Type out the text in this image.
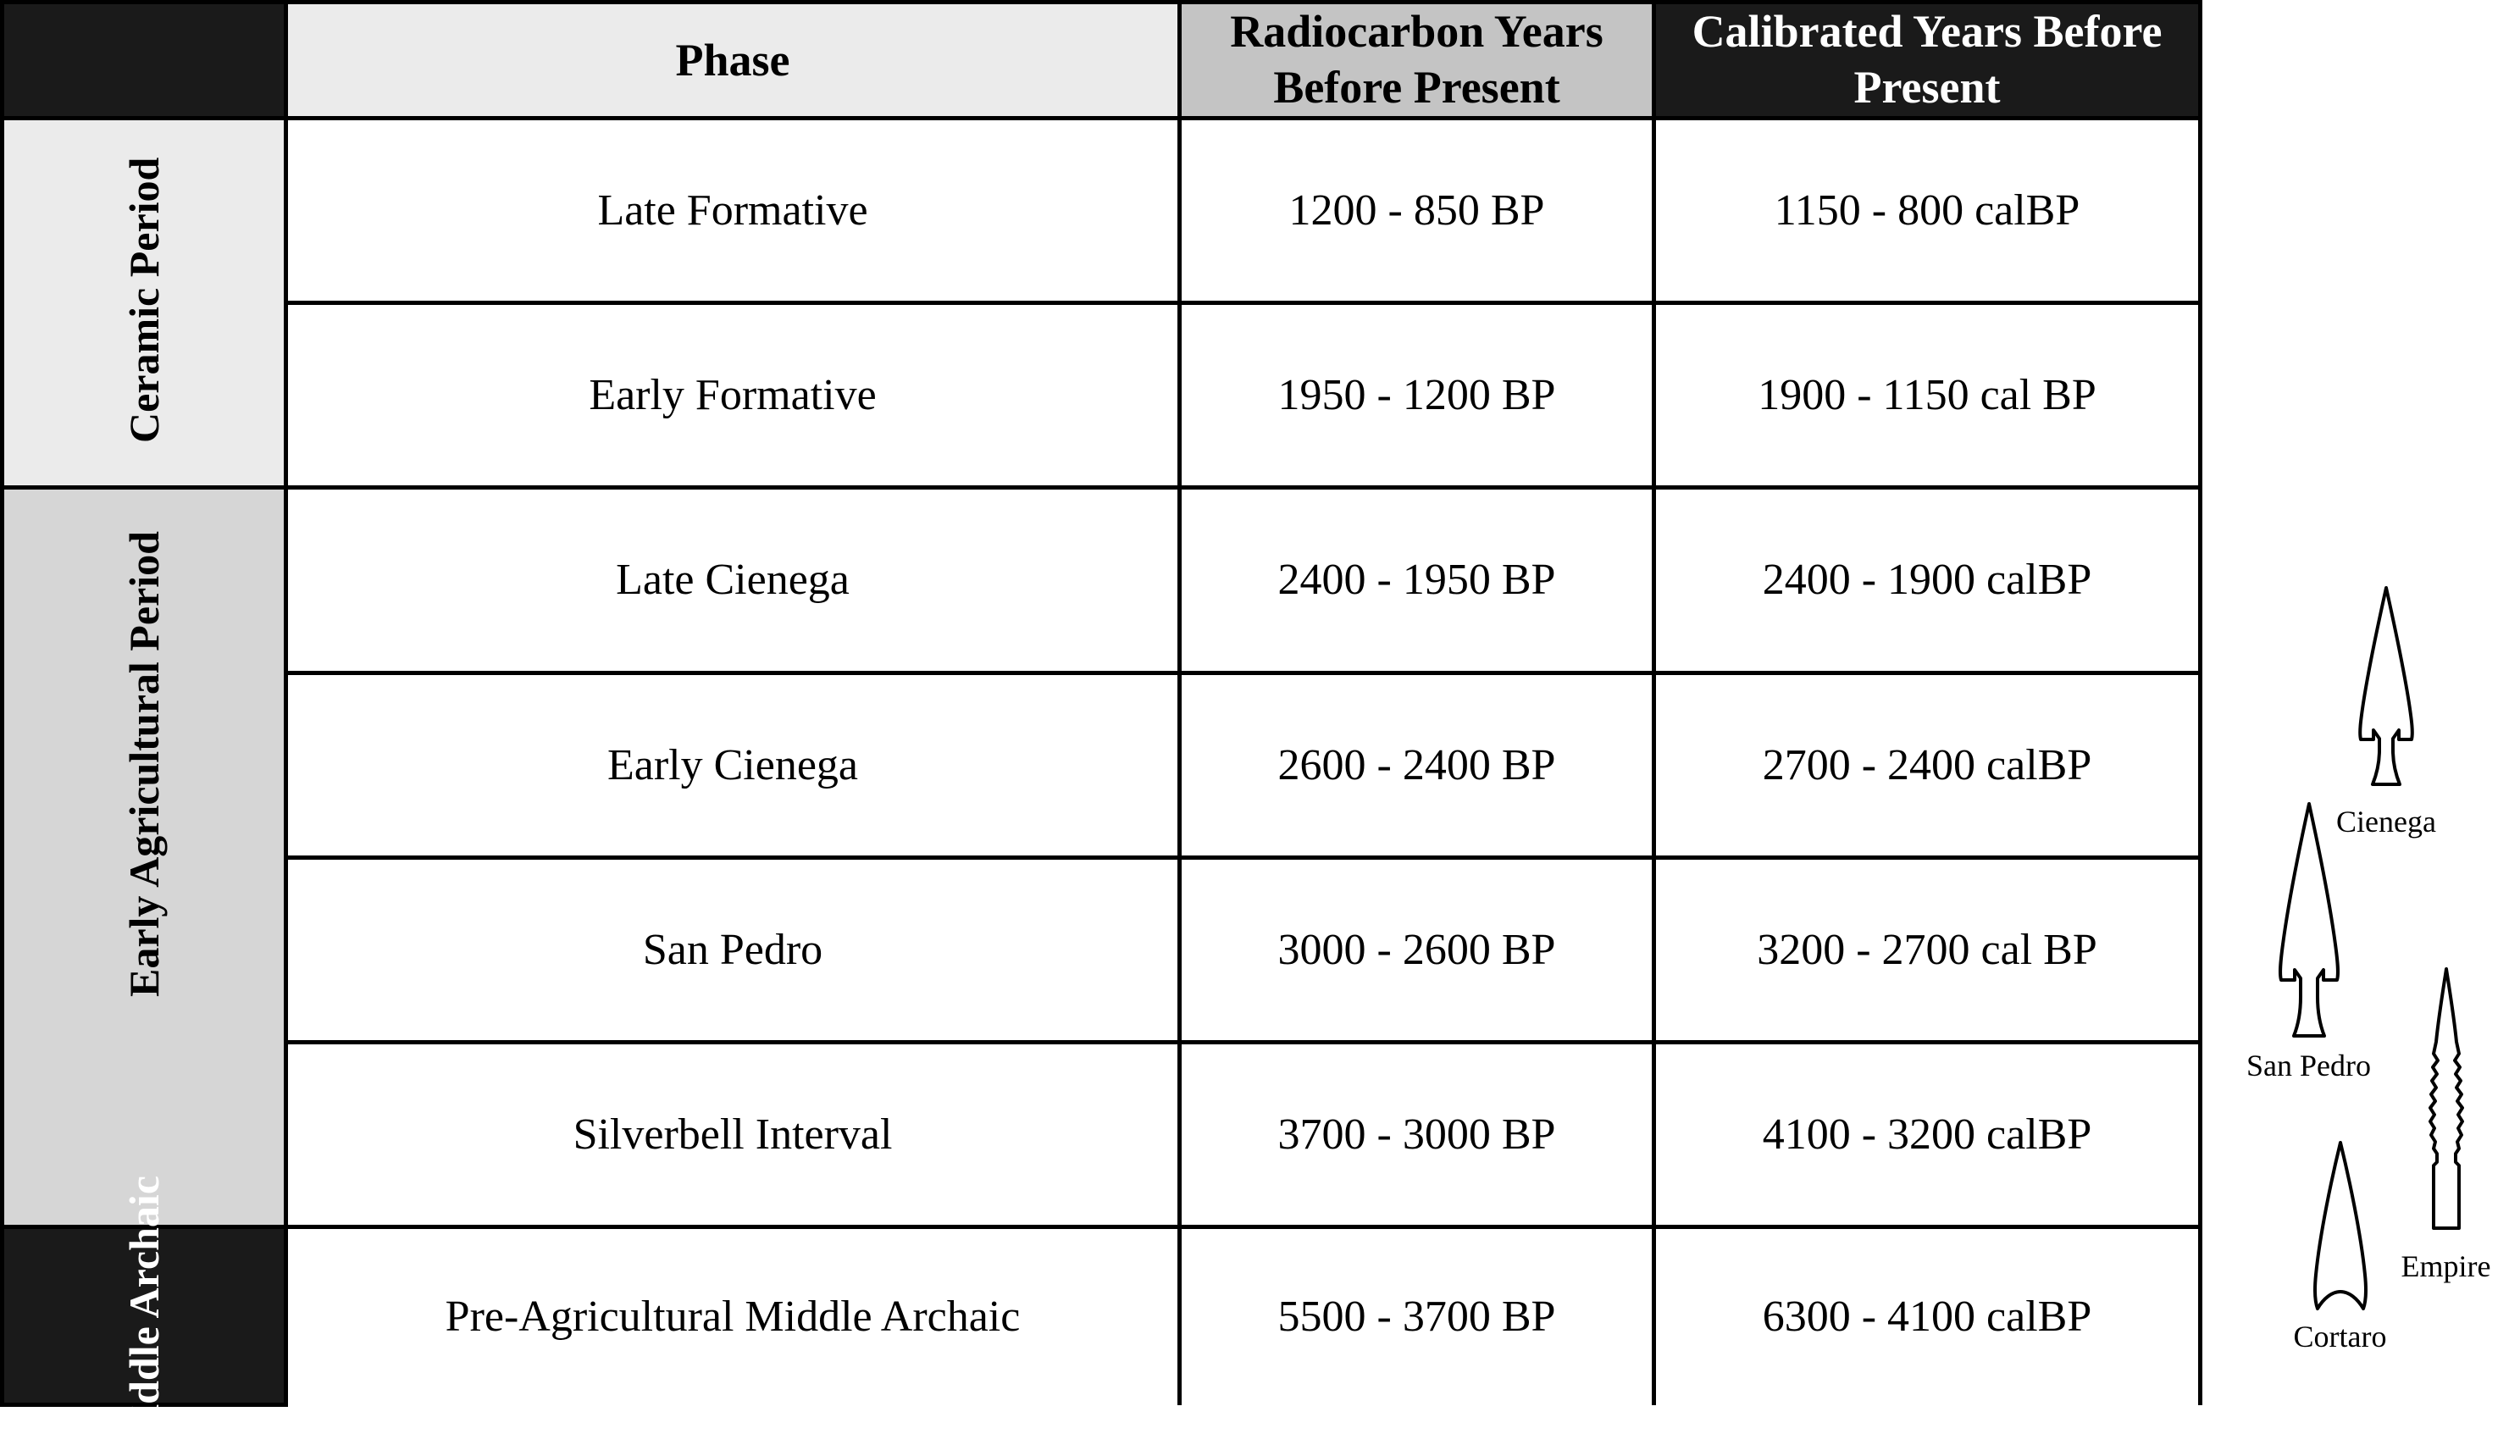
	Phase	Radiocarbon Years Before Present	Calibrated Years Before Present

Ceramic Period	Late Formative	1200 - 850 BP	1150 - 800 calBP
	Early Formative	1950 - 1200 BP	1900 - 1150 cal BP

Early Agricultural Period	Late Cienega	2400 - 1950 BP	2400 - 1900 calBP
	Early Cienega	2600 - 2400 BP	2700 - 2400 calBP
	San Pedro	3000 - 2600 BP	3200 - 2700 cal BP
	Silverbell Interval	3700 - 3000 BP	4100 - 3200 calBP

Middle Archaic	Pre-Agricultural Middle Archaic	5500 - 3700 BP	6300 - 4100 calBP
Cienega
San Pedro
Empire
Cortaro
